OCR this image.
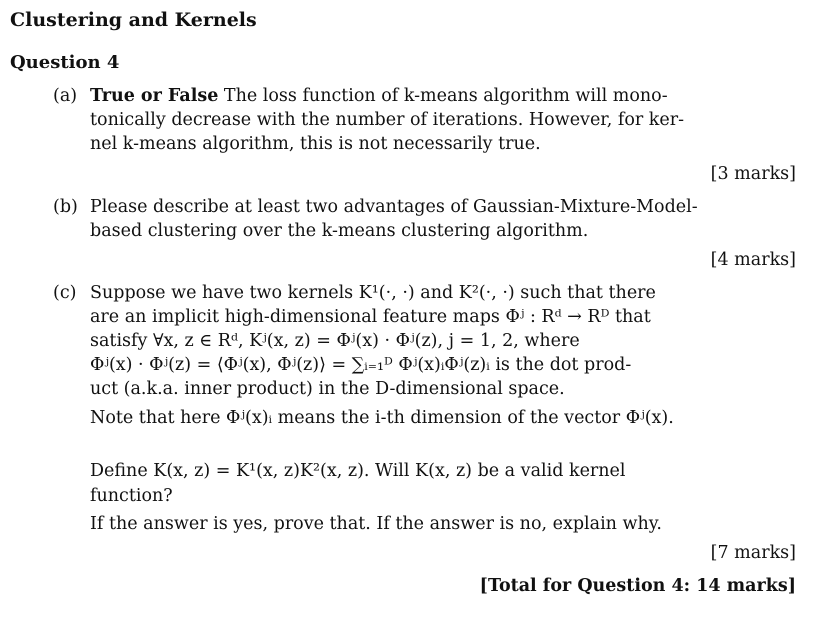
Clustering and Kernels
Question 4
(a) True or False The loss function of k-means algorithm will mono-
tonically decrease with the number of iterations. However, for ker-
nel k-means algorithm, this is not necessarily true.
[3 marks]
(b) Please describe at least two advantages of Gaussian-Mixture-Model-
based clustering over the k-means clustering algorithm.
[4 marks]
(c) Suppose we have two kernels K¹(·, ·) and K²(·, ·) such that there
are an implicit high-dimensional feature maps Φʲ : Rᵈ → Rᴰ that
satisfy ∀x, z ∈ Rᵈ, Kʲ(x, z) = Φʲ(x) · Φʲ(z), j = 1, 2, where
Φʲ(x) · Φʲ(z) = ⟨Φʲ(x), Φʲ(z)⟩ = ∑ᵢ₌₁ᴰ Φʲ(x)ᵢΦʲ(z)ᵢ is the dot prod-
uct (a.k.a. inner product) in the D-dimensional space.
Note that here Φʲ(x)ᵢ means the i-th dimension of the vector Φʲ(x).
Define K(x, z) = K¹(x, z)K²(x, z). Will K(x, z) be a valid kernel
function?
If the answer is yes, prove that. If the answer is no, explain why.
[7 marks]
[Total for Question 4: 14 marks]
